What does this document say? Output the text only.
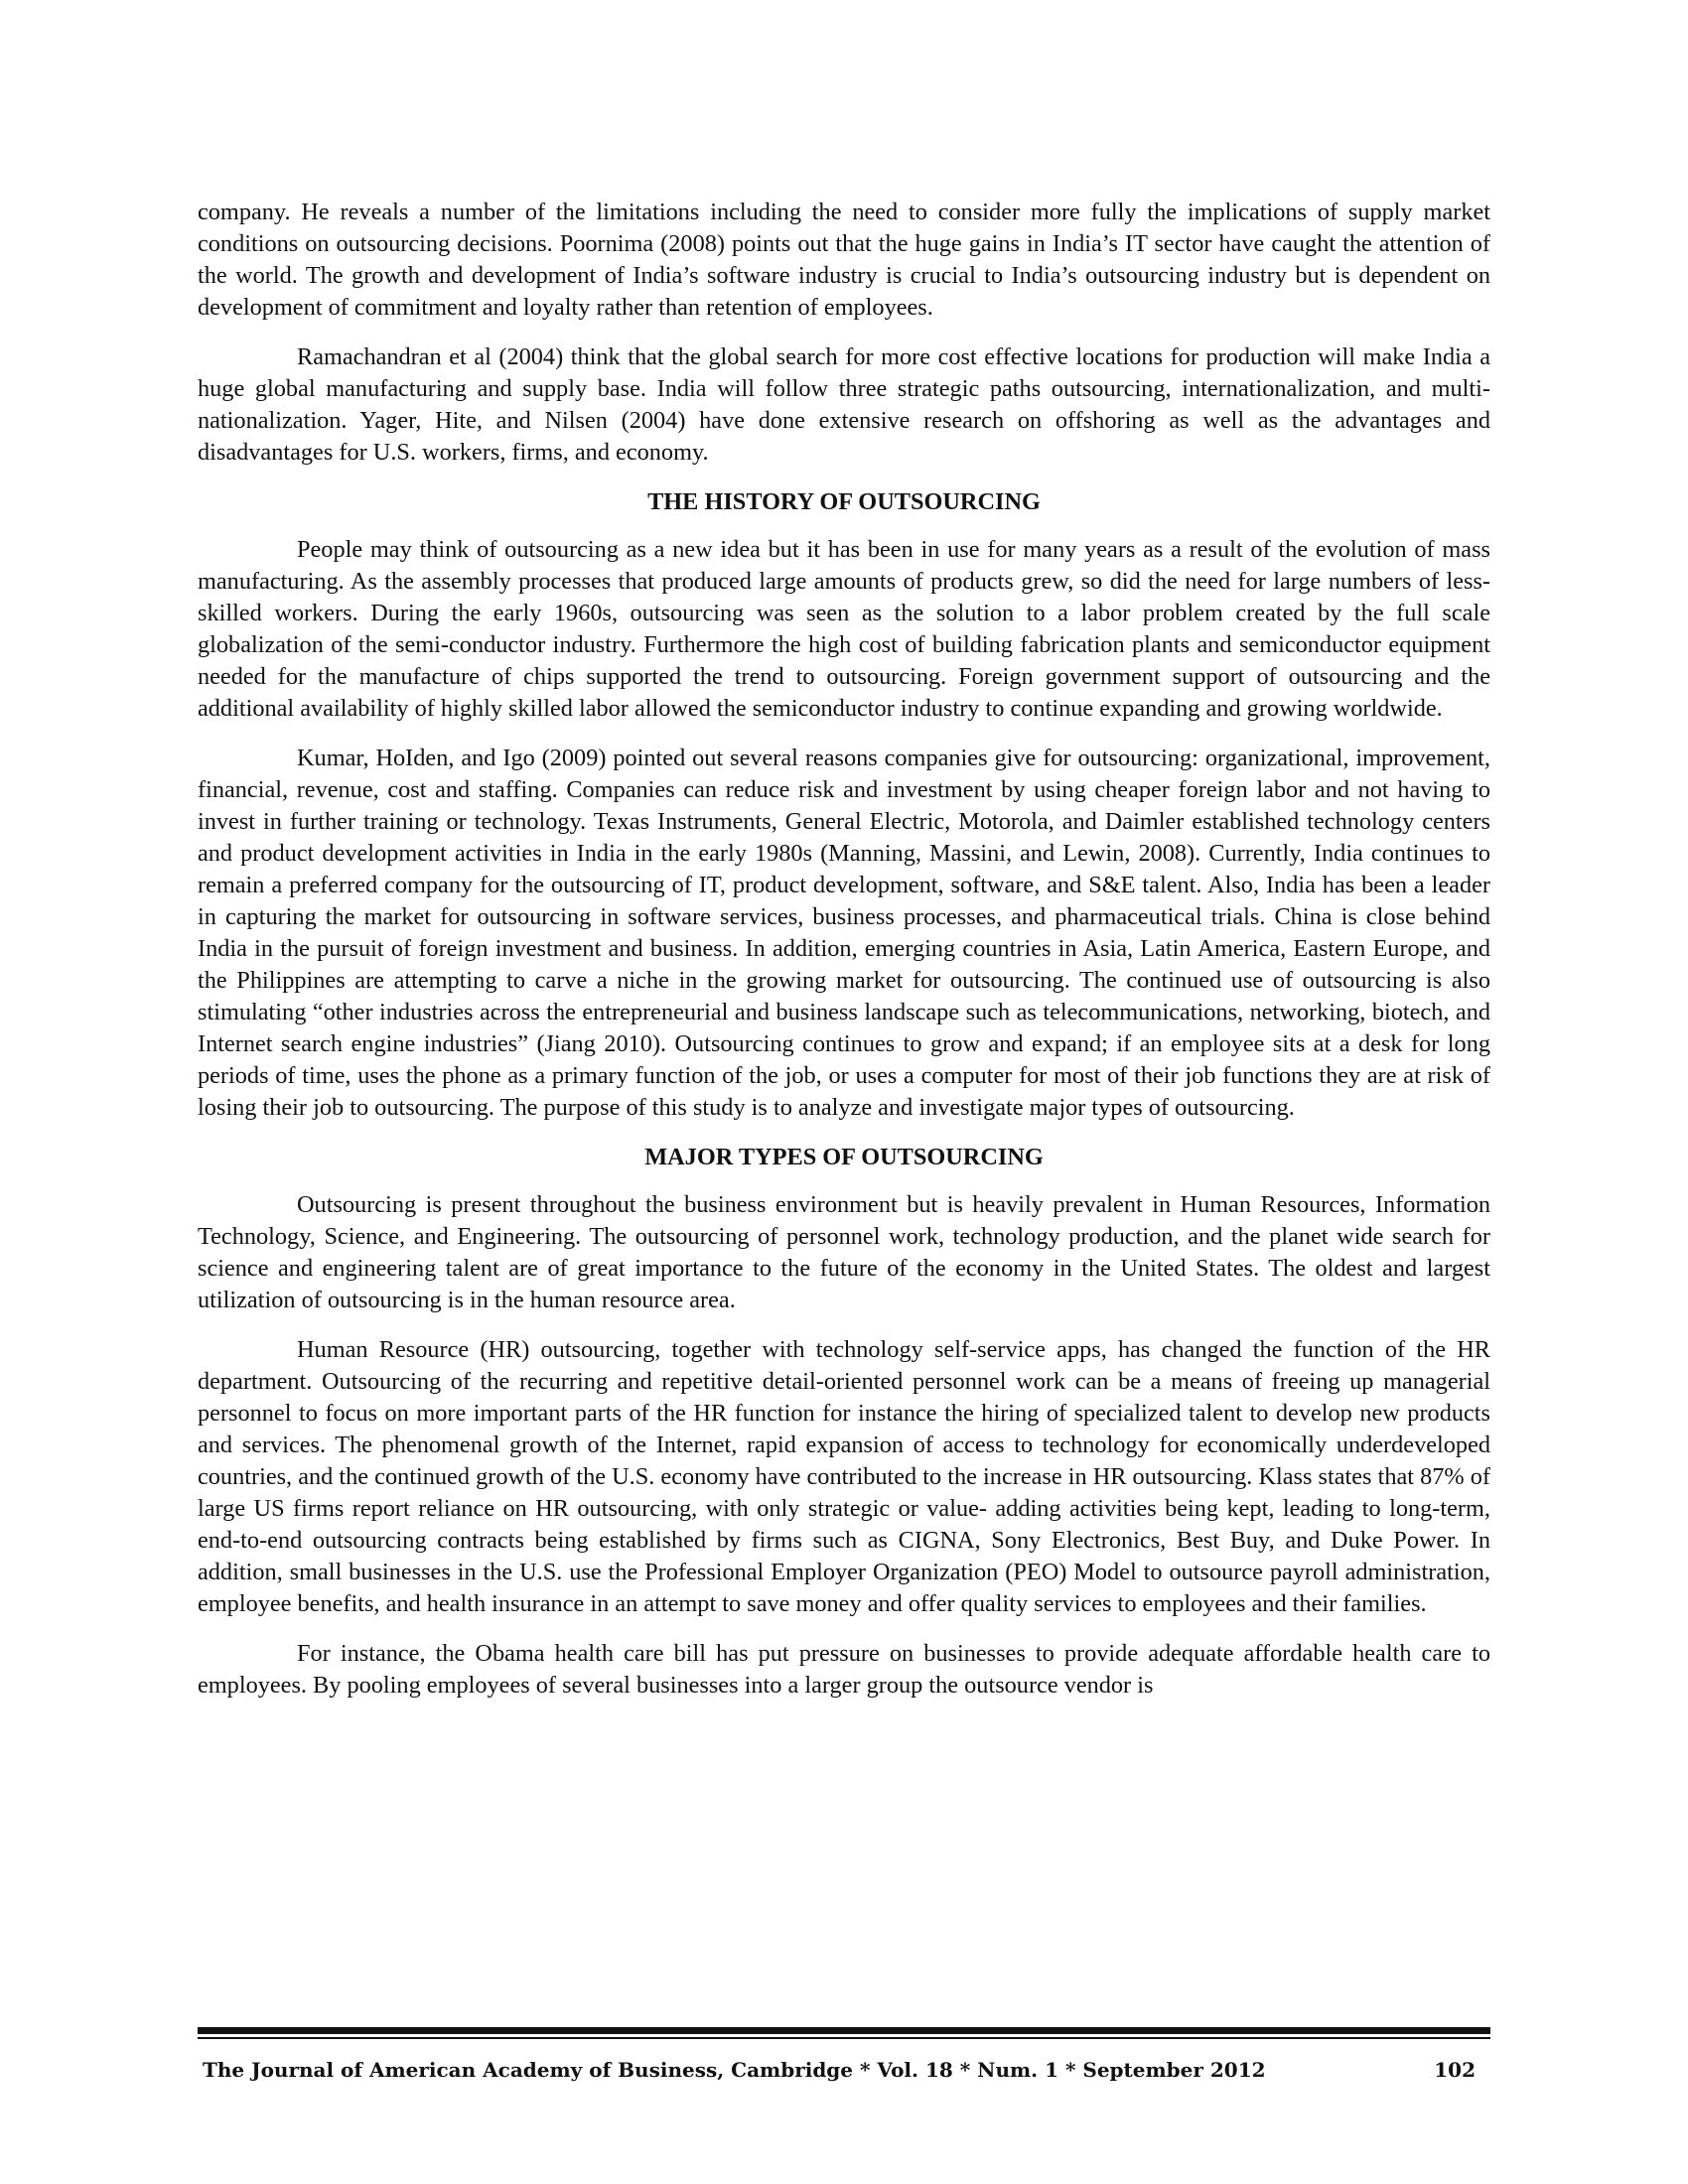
company. He reveals a number of the limitations including the need to consider more fully the implications of supply market conditions on outsourcing decisions. Poornima (2008) points out that the huge gains in India’s IT sector have caught the attention of the world. The growth and development of India’s software industry is crucial to India’s outsourcing industry but is dependent on development of commitment and loyalty rather than retention of employees.

Ramachandran et al (2004) think that the global search for more cost effective locations for production will make India a huge global manufacturing and supply base. India will follow three strategic paths outsourcing, internationalization, and multi-nationalization. Yager, Hite, and Nilsen (2004) have done extensive research on offshoring as well as the advantages and disadvantages for U.S. workers, firms, and economy.

THE HISTORY OF OUTSOURCING

People may think of outsourcing as a new idea but it has been in use for many years as a result of the evolution of mass manufacturing. As the assembly processes that produced large amounts of products grew, so did the need for large numbers of less-skilled workers. During the early 1960s, outsourcing was seen as the solution to a labor problem created by the full scale globalization of the semi-conductor industry. Furthermore the high cost of building fabrication plants and semiconductor equipment needed for the manufacture of chips supported the trend to outsourcing. Foreign government support of outsourcing and the additional availability of highly skilled labor allowed the semiconductor industry to continue expanding and growing worldwide.

Kumar, HoIden, and Igo (2009) pointed out several reasons companies give for outsourcing: organizational, improvement, financial, revenue, cost and staffing. Companies can reduce risk and investment by using cheaper foreign labor and not having to invest in further training or technology. Texas Instruments, General Electric, Motorola, and Daimler established technology centers and product development activities in India in the early 1980s (Manning, Massini, and Lewin, 2008). Currently, India continues to remain a preferred company for the outsourcing of IT, product development, software, and S&E talent. Also, India has been a leader in capturing the market for outsourcing in software services, business processes, and pharmaceutical trials. China is close behind India in the pursuit of foreign investment and business. In addition, emerging countries in Asia, Latin America, Eastern Europe, and the Philippines are attempting to carve a niche in the growing market for outsourcing. The continued use of outsourcing is also stimulating “other industries across the entrepreneurial and business landscape such as telecommunications, networking, biotech, and Internet search engine industries” (Jiang 2010). Outsourcing continues to grow and expand; if an employee sits at a desk for long periods of time, uses the phone as a primary function of the job, or uses a computer for most of their job functions they are at risk of losing their job to outsourcing. The purpose of this study is to analyze and investigate major types of outsourcing.

MAJOR TYPES OF OUTSOURCING

Outsourcing is present throughout the business environment but is heavily prevalent in Human Resources, Information Technology, Science, and Engineering. The outsourcing of personnel work, technology production, and the planet wide search for science and engineering talent are of great importance to the future of the economy in the United States. The oldest and largest utilization of outsourcing is in the human resource area.

Human Resource (HR) outsourcing, together with technology self-service apps, has changed the function of the HR department. Outsourcing of the recurring and repetitive detail-oriented personnel work can be a means of freeing up managerial personnel to focus on more important parts of the HR function for instance the hiring of specialized talent to develop new products and services. The phenomenal growth of the Internet, rapid expansion of access to technology for economically underdeveloped countries, and the continued growth of the U.S. economy have contributed to the increase in HR outsourcing. Klass states that 87% of large US firms report reliance on HR outsourcing, with only strategic or value- adding activities being kept, leading to long-term, end-to-end outsourcing contracts being established by firms such as CIGNA, Sony Electronics, Best Buy, and Duke Power. In addition, small businesses in the U.S. use the Professional Employer Organization (PEO) Model to outsource payroll administration, employee benefits, and health insurance in an attempt to save money and offer quality services to employees and their families.

For instance, the Obama health care bill has put pressure on businesses to provide adequate affordable health care to employees. By pooling employees of several businesses into a larger group the outsource vendor is

The Journal of American Academy of Business, Cambridge * Vol. 18 * Num. 1 * September 2012	102
